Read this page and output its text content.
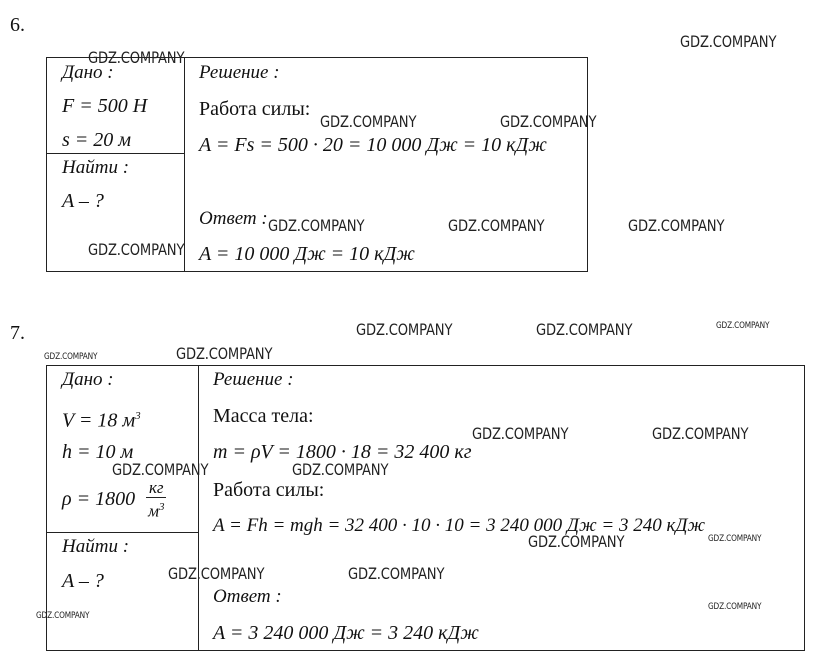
6.
Дано :
F = 500 Н
s = 20 м
Найти :
A – ?
Решение :
Работа силы:
A = Fs = 500 · 20 = 10 000 Дж = 10 кДж
Ответ :
A = 10 000 Дж = 10 кДж
7.
Дано :
V = 18 $м^3$
h = 10 м
$\rho = 1800 \frac{кг}{м^3}$
Найти :
A – ?
Решение :
Масса тела:
m = ρV = 1800 · 18 = 32 400 кг
Работа силы:
A = Fh = mgh = 32 400 · 10 · 10 = 3 240 000 Дж = 3 240 кДж
Ответ :
A = 3 240 000 Дж = 3 240 кДж
GDZ.COMPANY
GDZ.COMPANY
GDZ.COMPANY	GDZ.COMPANY
GDZ.COMPANY	GDZ.COMPANY	GDZ.COMPANY
GDZ.COMPANY
GDZ.COMPANY	GDZ.COMPANY	GDZ.COMPANY
GDZ.COMPANY	GDZ.COMPANY
GDZ.COMPANY	GDZ.COMPANY
GDZ.COMPANY	GDZ.COMPANY
GDZ.COMPANY	GDZ.COMPANY
GDZ.COMPANY	GDZ.COMPANY
GDZ.COMPANY
GDZ.COMPANY
